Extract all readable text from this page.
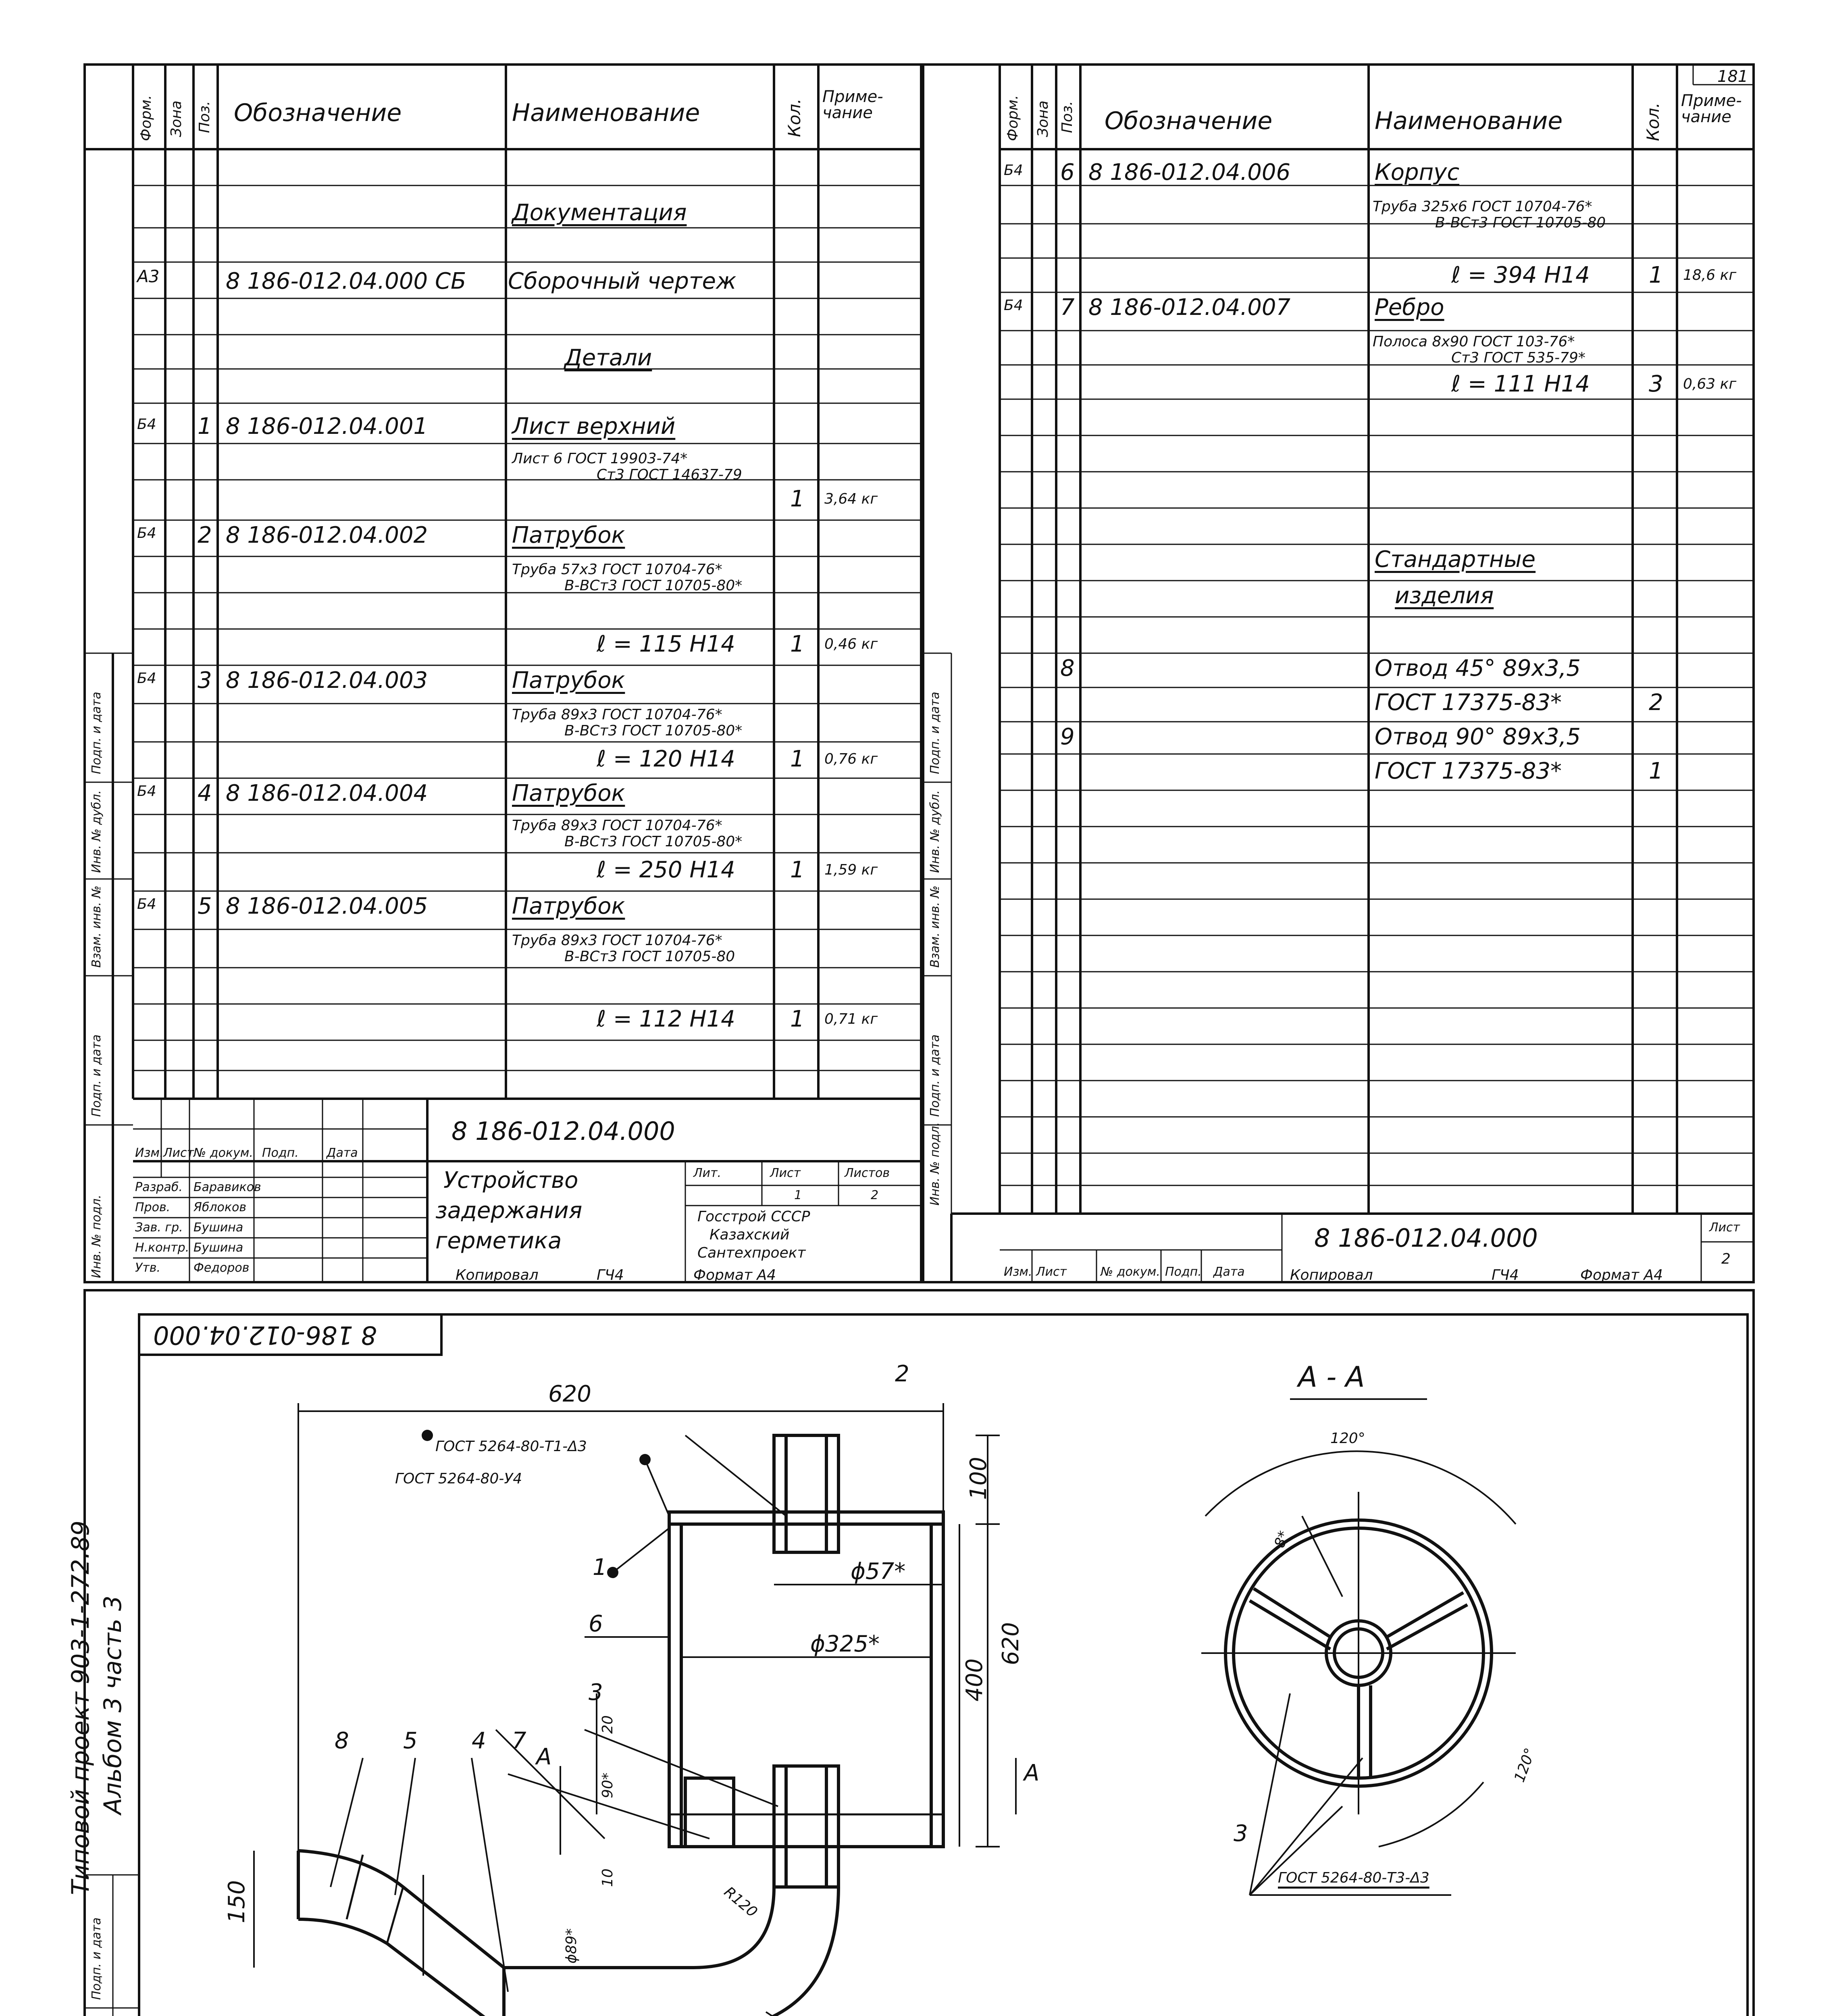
181
Форм. Зона Поз. Обозначение	Наименование	Кол.
Приме-чание
Документация
А3	8 186-012.04.000 СБ Сборочный чертеж
Детали
Б4 1 8 186-012.04.001	Лист верхний
Лист 6 ГОСТ 19903-74*
Ст3 ГОСТ 14637-79
1 3,64 кг
Б4 2 8 186-012.04.002	Патрубок
Труба 57х3 ГОСТ 10704-76*
В-ВСт3 ГОСТ 10705-80*
ℓ = 115 H14 1 0,46 кг
Б4 3 8 186-012.04.003	Патрубок
Труба 89х3 ГОСТ 10704-76*
В-ВСт3 ГОСТ 10705-80*
ℓ = 120 H14 1 0,76 кг
Б4 4 8 186-012.04.004	Патрубок
Труба 89х3 ГОСТ 10704-76*
В-ВСт3 ГОСТ 10705-80*
ℓ = 250 H14 1 1,59 кг
Б4 5 8 186-012.04.005	Патрубок
Труба 89х3 ГОСТ 10704-76*
В-ВСт3 ГОСТ 10705-80
ℓ = 112 H14 1 0,71 кг
8 186-012.04.000
Изм. Лист
№ докум. Подп. Дата
Разраб.
Пров.
Зав. гр.
Н.контр.
Утв.
Баравиков
Яблоков
Бушина
Бушина
Федоров
Устройство
задержания
герметика
Лит.	Лист	Листов
1	2
Госстрой СССР
Казахский
Сантехпроект
Копировал	ГЧ4	Формат А4
Инв. № подл.
Подп. и дата
Взам. инв. №
Инв. № дубл.
Подп. и дата
Форм. Зона Поз. Обозначение	Наименование	Кол.
Приме-чание
Б4 6 8 186-012.04.006	Корпус
Труба 325х6 ГОСТ 10704-76*
В-ВСт3 ГОСТ 10705-80
ℓ = 394 H14	1 18,6 кг
Б4 7 8 186-012.04.007	Ребро
Полоса 8х90 ГОСТ 103-76*
Ст3 ГОСТ 535-79*
ℓ = 111 H14	3 0,63 кг
Стандартные
изделия
8	Отвод 45° 89х3,5
ГОСТ 17375-83*	2
9	Отвод 90° 89х3,5
ГОСТ 17375-83*	1
8 186-012.04.000	Лист
2
Изм. Лист	№ докум. Подп. Дата	Копировал	ГЧ4	Формат А4
Инв. № подл.
Подп. и дата
Взам. инв. №
Инв. № дубл.
Подп. и дата
8 186-012.04.000
Типовой проект 903-1-272.89 Альбом 3 часть 3
Подп. и дата
620
620
100
400
ϕ57*
ϕ325*
20
90*
10
ϕ89*
150	R120
ГОСТ 5264-80-Т1-Δ3
ГОСТ 5264-80-У4
А
А
1
2
3
4
5
6
7
8
А - А
120°
120°
8*
3
ГОСТ 5264-80-Т3-Δ3
